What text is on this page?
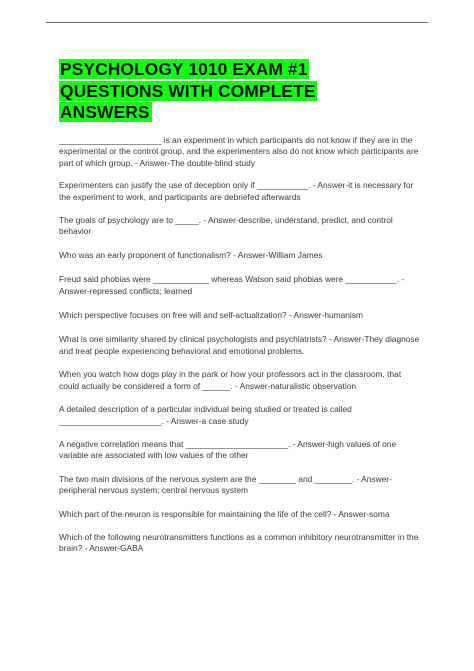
PSYCHOLOGY 1010 EXAM #1
QUESTIONS WITH COMPLETE
ANSWERS

______________________ is an experiment in which participants do not know if they are in the experimental or the control group, and the experimenters also do not know which participants are part of which group. - Answer-The double-blind study

Experimenters can justify the use of deception only if ___________. - Answer-it is necessary for the experiment to work, and participants are debriefed afterwards

The goals of psychology are to _____. - Answer-describe, understand, predict, and control behavior

Who was an early proponent of functionalism? - Answer-William James

Freud said phobias were ____________ whereas Watson said phobias were ___________. - Answer-repressed conflicts; learned

Which perspective focuses on free will and self-actualization? - Answer-humanism

What is one similarity shared by clinical psychologists and psychiatrists? - Answer-They diagnose and treat people experiencing behavioral and emotional problems.

When you watch how dogs play in the park or how your professors act in the classroom, that could actually be considered a form of ______. - Answer-naturalistic observation

A detailed description of a particular individual being studied or treated is called ______________________. - Answer-a case study

A negative correlation means that ______________________. - Answer-high values of one variable are associated with low values of the other

The two main divisions of the nervous system are the ________ and ________. - Answer-peripheral nervous system; central nervous system

Which part of the neuron is responsible for maintaining the life of the cell? - Answer-soma

Which of the following neurotransmitters functions as a common inhibitory neurotransmitter in the brain? - Answer-GABA
